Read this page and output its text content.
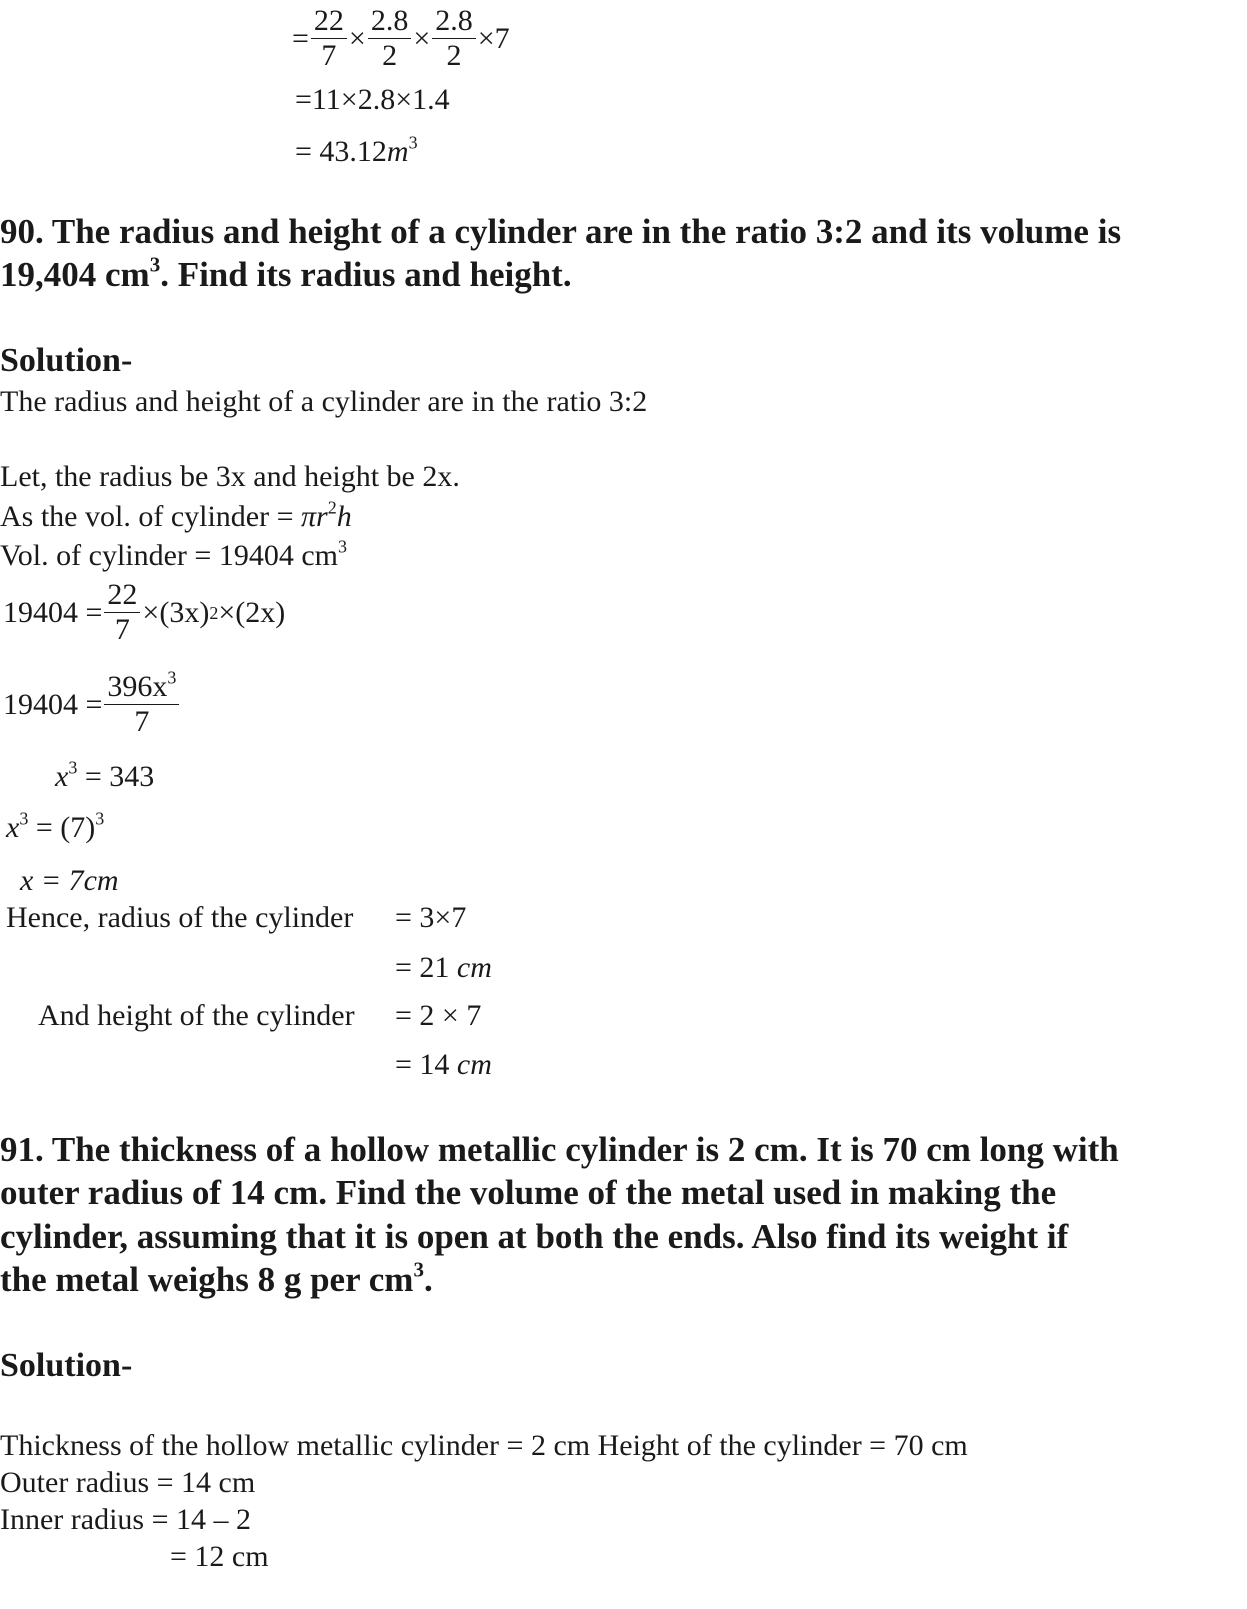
= $\frac{22}{7} \times \frac{2.8}{2} \times \frac{2.8}{2} \times 7$
=11×2.8×1.4
= $43.12m^3$
90. The radius and height of a cylinder are in the ratio 3:2 and its volume is
19,404 $cm^3$. Find its radius and height.
Solution-
The radius and height of a cylinder are in the ratio 3:2
Let, the radius be 3x and height be 2x.
As the vol. of cylinder = $\pi r^2h$
Vol. of cylinder = 19404 $cm^3$
$19404 = \frac{22}{7} \times(3x)$ 2 ×(2x)
$19404 = \frac{396x^3}{7}$
$x^3 = 343$
$x^3 = (7)^3$
x = 7cm
Hence, radius of the cylinder = 3×7
= 21 cm
And height of the cylinder = 2 × 7
= 14 cm
91. The thickness of a hollow metallic cylinder is 2 cm. It is 70 cm long with
outer radius of 14 cm. Find the volume of the metal used in making the
cylinder, assuming that it is open at both the ends. Also find its weight if
the metal weighs 8 g per $cm^3$.
Solution-
Thickness of the hollow metallic cylinder = 2 cm Height of the cylinder = 70 cm
Outer radius = 14 cm
Inner radius = 14 – 2
= 12 cm
